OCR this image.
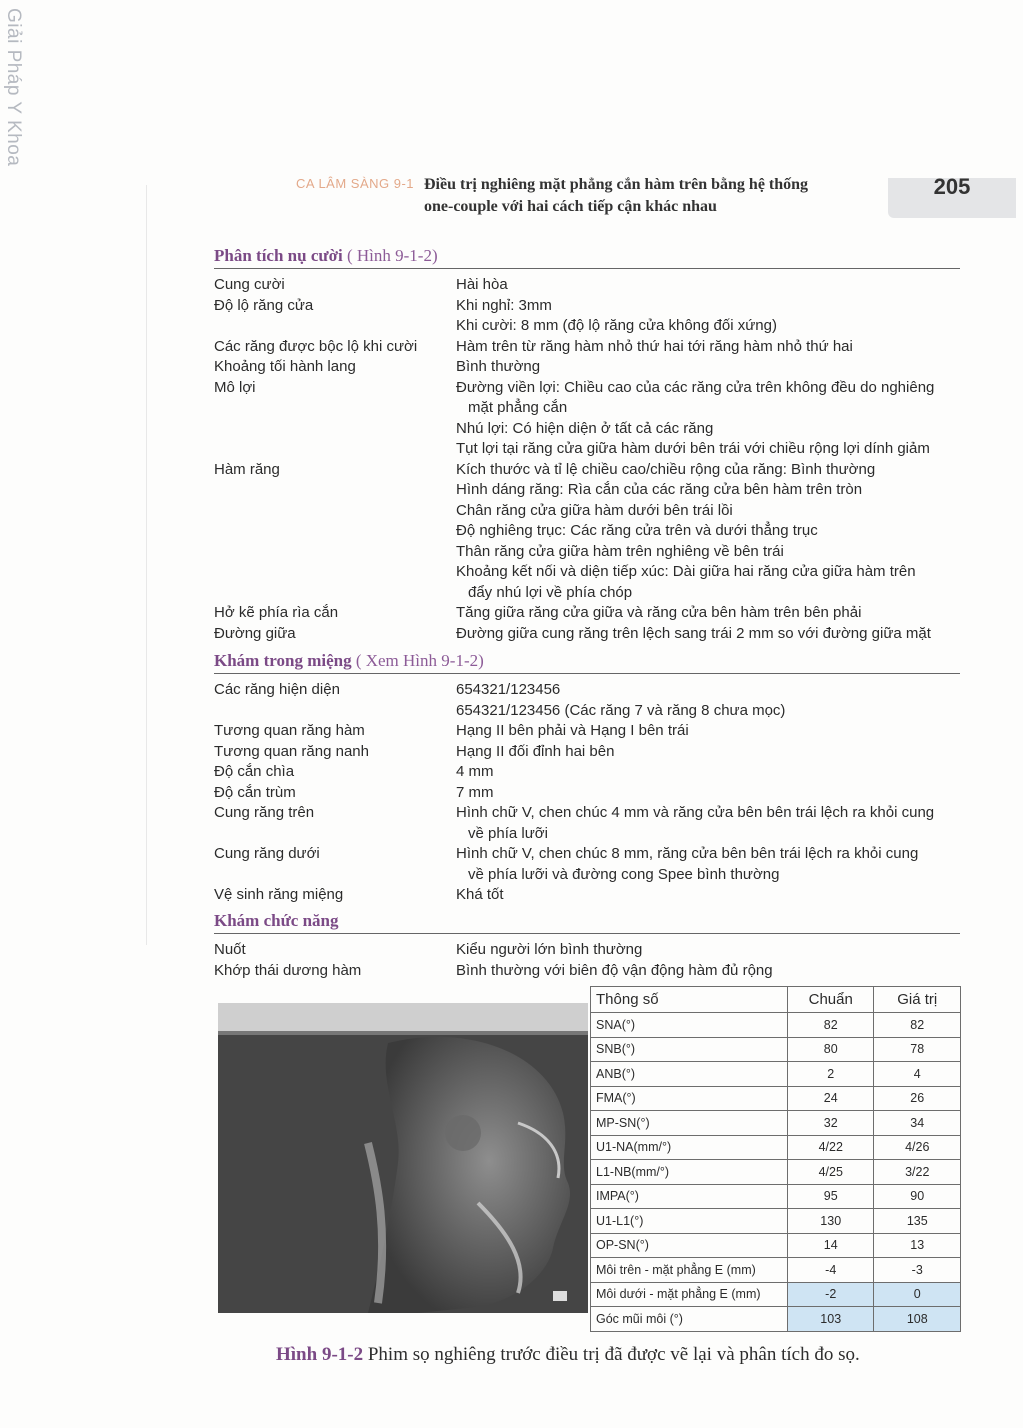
Giải Pháp Y Khoa
CA LÂM SÀNG 9-1 Điều trị nghiêng mặt phẳng cắn hàm trên bằng hệ thống
one-couple với hai cách tiếp cận khác nhau
205
Phân tích nụ cười ( Hình 9-1-2)
Cung cười	Hài hòa
Độ lộ răng cửa	Khi nghỉ: 3mm
Khi cười: 8 mm (độ lộ răng cửa không đối xứng)
Các răng được bộc lộ khi cười	Hàm trên từ răng hàm nhỏ thứ hai tới răng hàm nhỏ thứ hai
Khoảng tối hành lang	Bình thường
Mô lợi	Đường viền lợi: Chiều cao của các răng cửa trên không đều do nghiêng
mặt phẳng cắn
Nhú lợi: Có hiện diện ở tất cả các răng
Tụt lợi tại răng cửa giữa hàm dưới bên trái với chiều rộng lợi dính giảm
Hàm răng	Kích thước và tỉ lệ chiều cao/chiều rộng của răng: Bình thường
Hình dáng răng: Rìa cắn của các răng cửa bên hàm trên tròn
Chân răng cửa giữa hàm dưới bên trái lồi
Độ nghiêng trục: Các răng cửa trên và dưới thẳng trục
Thân răng cửa giữa hàm trên nghiêng về bên trái
Khoảng kết nối và diện tiếp xúc: Dài giữa hai răng cửa giữa hàm trên
đẩy nhú lợi về phía chóp
Hở kẽ phía rìa cắn	Tăng giữa răng cửa giữa và răng cửa bên hàm trên bên phải
Đường giữa	Đường giữa cung răng trên lệch sang trái 2 mm so với đường giữa mặt
Khám trong miệng ( Xem Hình 9-1-2)
Các răng hiện diện	654321/123456
654321/123456 (Các răng 7 và răng 8 chưa mọc)
Tương quan răng hàm	Hạng II bên phải và Hạng I bên trái
Tương quan răng nanh	Hạng II đối đỉnh hai bên
Độ cắn chìa	4 mm
Độ cắn trùm	7 mm
Cung răng trên	Hình chữ V, chen chúc 4 mm và răng cửa bên bên trái lệch ra khỏi cung
về phía lưỡi
Cung răng dưới	Hình chữ V, chen chúc 8 mm, răng cửa bên bên trái lệch ra khỏi cung
về phía lưỡi và đường cong Spee bình thường
Vệ sinh răng miệng	Khá tốt
Khám chức năng
Nuốt	Kiểu người lớn bình thường
Khớp thái dương hàm	Bình thường với biên độ vận động hàm đủ rộng
Thông số	Chuẩn	Giá trị
SNA(°)	82	82
SNB(°)	80	78
ANB(°)	2	4
FMA(°)	24	26
MP-SN(°)	32	34
U1-NA(mm/°)	4/22	4/26
L1-NB(mm/°)	4/25	3/22
IMPA(°)	95	90
U1-L1(°)	130	135
OP-SN(°)	14	13
Môi trên - mặt phẳng E (mm)	-4	-3
Môi dưới - mặt phẳng E (mm)	-2	0
Góc mũi môi (°)	103	108
Hình 9-1-2 Phim sọ nghiêng trước điều trị đã được vẽ lại và phân tích đo sọ.
